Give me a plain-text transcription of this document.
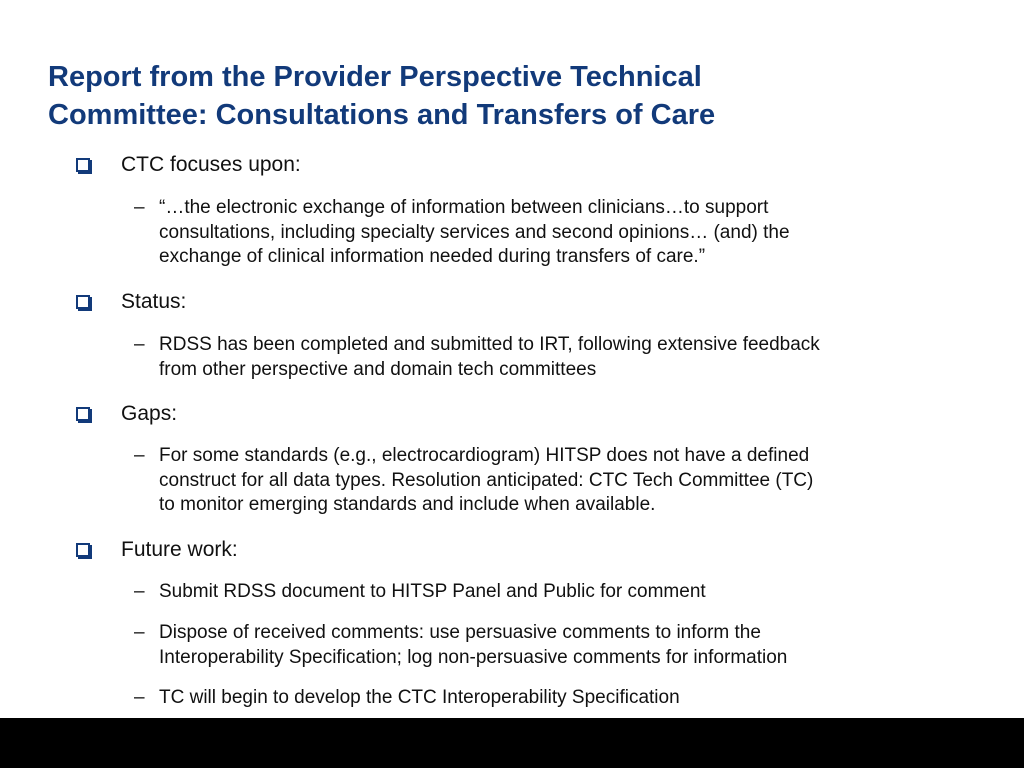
Report from the Provider Perspective Technical
Committee: Consultations and Transfers of Care
CTC focuses upon:
– “…the electronic exchange of information between clinicians…to support
consultations, including specialty services and second opinions… (and) the
exchange of clinical information needed during transfers of care.”
Status:
– RDSS has been completed and submitted to IRT, following extensive feedback
from other perspective and domain tech committees
Gaps:
– For some standards (e.g., electrocardiogram) HITSP does not have a defined
construct for all data types. Resolution anticipated: CTC Tech Committee (TC)
to monitor emerging standards and include when available.
Future work:
– Submit RDSS document to HITSP Panel and Public for comment
– Dispose of received comments: use persuasive comments to inform the
Interoperability Specification; log non-persuasive comments for information
– TC will begin to develop the CTC Interoperability Specification
